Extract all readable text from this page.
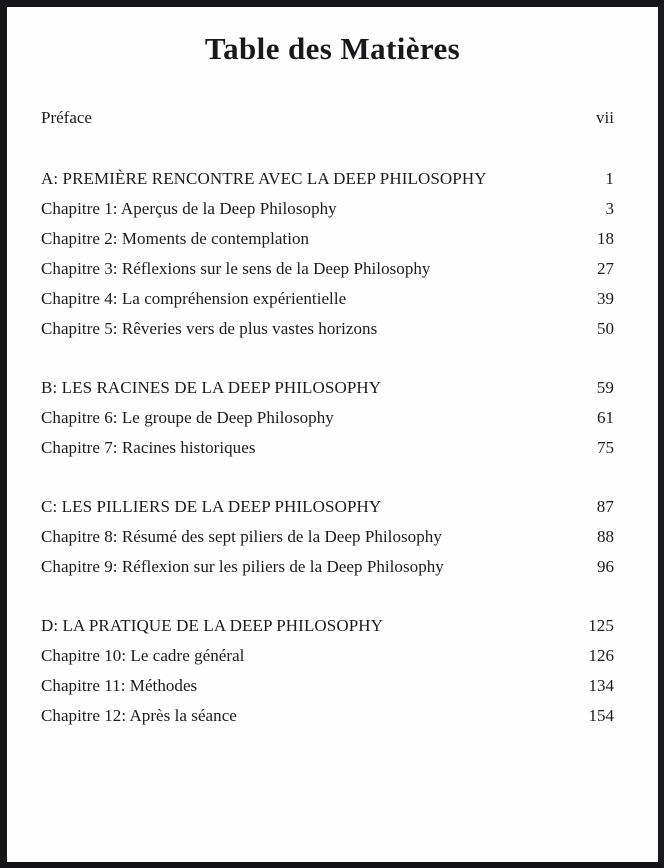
Table des Matières
Préface	vii
A: PREMIÈRE RENCONTRE AVEC LA DEEP PHILOSOPHY	1
Chapitre 1: Aperçus de la Deep Philosophy	3
Chapitre 2: Moments de contemplation	18
Chapitre 3: Réflexions sur le sens de la Deep Philosophy	27
Chapitre 4: La compréhension expérientielle	39
Chapitre 5: Rêveries vers de plus vastes horizons	50
B: LES RACINES DE LA DEEP PHILOSOPHY	59
Chapitre 6: Le groupe de Deep Philosophy	61
Chapitre 7: Racines historiques	75
C: LES PILLIERS DE LA DEEP PHILOSOPHY	87
Chapitre 8: Résumé des sept piliers de la Deep Philosophy	88
Chapitre 9: Réflexion sur les piliers de la Deep Philosophy	96
D: LA PRATIQUE DE LA DEEP PHILOSOPHY	125
Chapitre 10: Le cadre général	126
Chapitre 11: Méthodes	134
Chapitre 12: Après la séance	154
